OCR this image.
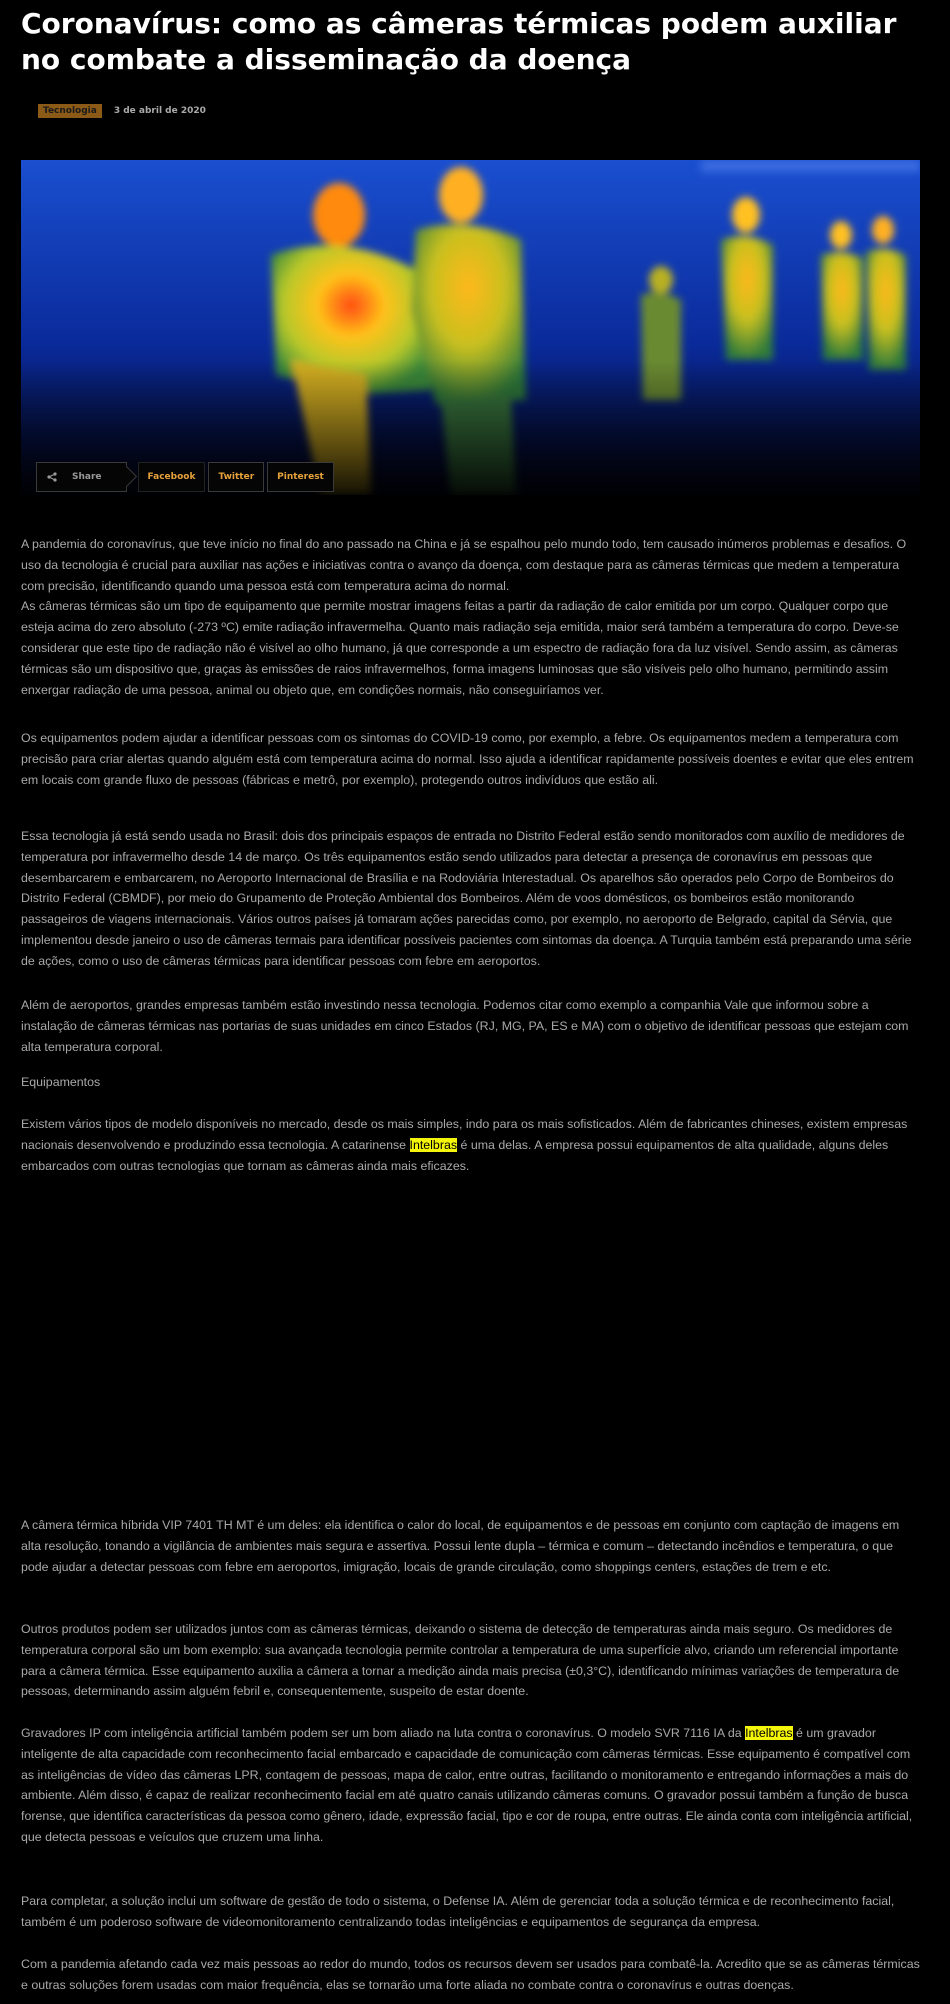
Coronavírus: como as câmeras térmicas podem auxiliar no combate a disseminação da doença
Tecnologia	3 de abril de 2020
Share	Facebook	Twitter	Pinterest

A pandemia do coronavírus, que teve início no final do ano passado na China e já se espalhou pelo mundo todo, tem causado inúmeros problemas e desafios. O uso da tecnologia é crucial para auxiliar nas ações e iniciativas contra o avanço da doença, com destaque para as câmeras térmicas que medem a temperatura com precisão, identificando quando uma pessoa está com temperatura acima do normal.

As câmeras térmicas são um tipo de equipamento que permite mostrar imagens feitas a partir da radiação de calor emitida por um corpo. Qualquer corpo que esteja acima do zero absoluto (-273 ºC) emite radiação infravermelha. Quanto mais radiação seja emitida, maior será também a temperatura do corpo. Deve-se considerar que este tipo de radiação não é visível ao olho humano, já que corresponde a um espectro de radiação fora da luz visível. Sendo assim, as câmeras térmicas são um dispositivo que, graças às emissões de raios infravermelhos, forma imagens luminosas que são visíveis pelo olho humano, permitindo assim enxergar radiação de uma pessoa, animal ou objeto que, em condições normais, não conseguiríamos ver.

Os equipamentos podem ajudar a identificar pessoas com os sintomas do COVID-19 como, por exemplo, a febre. Os equipamentos medem a temperatura com precisão para criar alertas quando alguém está com temperatura acima do normal. Isso ajuda a identificar rapidamente possíveis doentes e evitar que eles entrem em locais com grande fluxo de pessoas (fábricas e metrô, por exemplo), protegendo outros indivíduos que estão ali.

Essa tecnologia já está sendo usada no Brasil: dois dos principais espaços de entrada no Distrito Federal estão sendo monitorados com auxílio de medidores de temperatura por infravermelho desde 14 de março. Os três equipamentos estão sendo utilizados para detectar a presença de coronavírus em pessoas que desembarcarem e embarcarem, no Aeroporto Internacional de Brasília e na Rodoviária Interestadual. Os aparelhos são operados pelo Corpo de Bombeiros do Distrito Federal (CBMDF), por meio do Grupamento de Proteção Ambiental dos Bombeiros. Além de voos domésticos, os bombeiros estão monitorando passageiros de viagens internacionais. Vários outros países já tomaram ações parecidas como, por exemplo, no aeroporto de Belgrado, capital da Sérvia, que implementou desde janeiro o uso de câmeras termais para identificar possíveis pacientes com sintomas da doença. A Turquia também está preparando uma série de ações, como o uso de câmeras térmicas para identificar pessoas com febre em aeroportos.

Além de aeroportos, grandes empresas também estão investindo nessa tecnologia. Podemos citar como exemplo a companhia Vale que informou sobre a instalação de câmeras térmicas nas portarias de suas unidades em cinco Estados (RJ, MG, PA, ES e MA) com o objetivo de identificar pessoas que estejam com alta temperatura corporal.

Equipamentos

Existem vários tipos de modelo disponíveis no mercado, desde os mais simples, indo para os mais sofisticados. Além de fabricantes chineses, existem empresas nacionais desenvolvendo e produzindo essa tecnologia. A catarinense Intelbras é uma delas. A empresa possui equipamentos de alta qualidade, alguns deles embarcados com outras tecnologias que tornam as câmeras ainda mais eficazes.

A câmera térmica híbrida VIP 7401 TH MT é um deles: ela identifica o calor do local, de equipamentos e de pessoas em conjunto com captação de imagens em alta resolução, tonando a vigilância de ambientes mais segura e assertiva. Possui lente dupla – térmica e comum – detectando incêndios e temperatura, o que pode ajudar a detectar pessoas com febre em aeroportos, imigração, locais de grande circulação, como shoppings centers, estações de trem e etc.

Outros produtos podem ser utilizados juntos com as câmeras térmicas, deixando o sistema de detecção de temperaturas ainda mais seguro. Os medidores de temperatura corporal são um bom exemplo: sua avançada tecnologia permite controlar a temperatura de uma superfície alvo, criando um referencial importante para a câmera térmica. Esse equipamento auxilia a câmera a tornar a medição ainda mais precisa (±0,3°C), identificando mínimas variações de temperatura de pessoas, determinando assim alguém febril e, consequentemente, suspeito de estar doente.

Gravadores IP com inteligência artificial também podem ser um bom aliado na luta contra o coronavírus. O modelo SVR 7116 IA da Intelbras é um gravador inteligente de alta capacidade com reconhecimento facial embarcado e capacidade de comunicação com câmeras térmicas. Esse equipamento é compatível com as inteligências de vídeo das câmeras LPR, contagem de pessoas, mapa de calor, entre outras, facilitando o monitoramento e entregando informações a mais do ambiente. Além disso, é capaz de realizar reconhecimento facial em até quatro canais utilizando câmeras comuns. O gravador possui também a função de busca forense, que identifica características da pessoa como gênero, idade, expressão facial, tipo e cor de roupa, entre outras. Ele ainda conta com inteligência artificial, que detecta pessoas e veículos que cruzem uma linha.

Para completar, a solução inclui um software de gestão de todo o sistema, o Defense IA. Além de gerenciar toda a solução térmica e de reconhecimento facial, também é um poderoso software de videomonitoramento centralizando todas inteligências e equipamentos de segurança da empresa.

Com a pandemia afetando cada vez mais pessoas ao redor do mundo, todos os recursos devem ser usados para combatê-la. Acredito que se as câmeras térmicas e outras soluções forem usadas com maior frequência, elas se tornarão uma forte aliada no combate contra o coronavírus e outras doenças.
